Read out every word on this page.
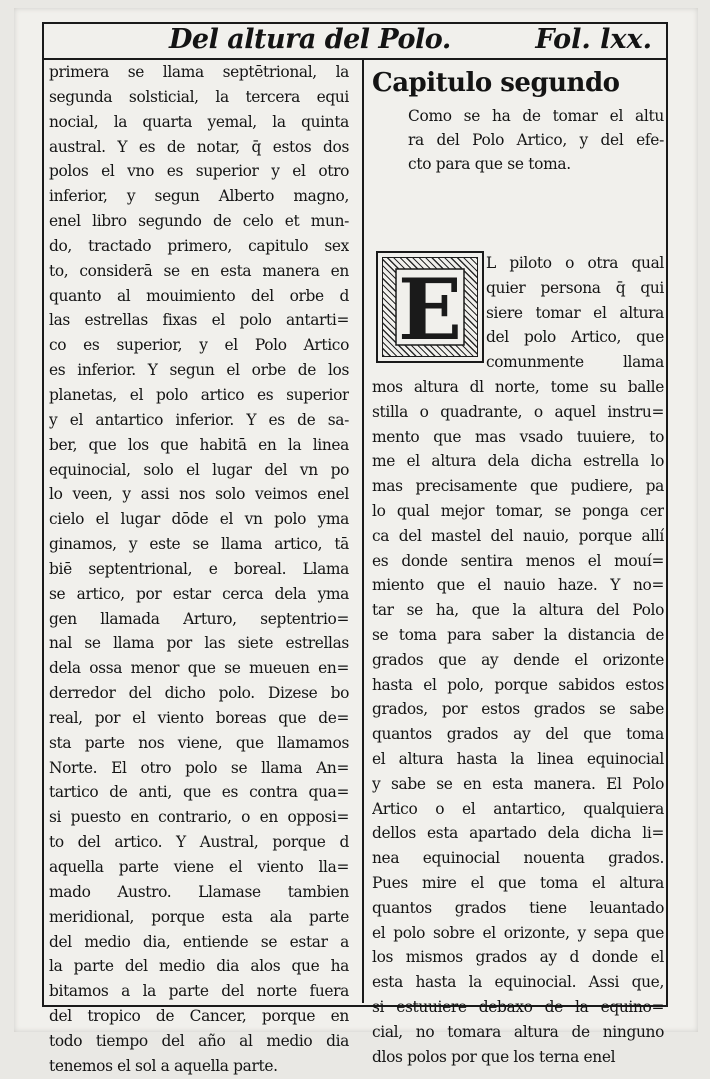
Del altura del Polo.	Fol. lxx.
primera se llama septētrional, la
segunda solsticial, la tercera equi
nocial, la quarta yemal, la quinta
austral. Y es de notar, q̄ estos dos
polos el vno es superior y el otro
inferior, y segun Alberto magno,
enel libro segundo de celo et mun-
do, tractado primero, capitulo sex
to, considerā se en esta manera en
quanto al mouimiento del orbe d
las estrellas fixas el polo antarti=
co es superior, y el Polo Artico
es inferior. Y segun el orbe de los
planetas, el polo artico es superior
y el antartico inferior. Y es de sa-
ber, que los que habitā en la linea
equinocial, solo el lugar del vn po
lo veen, y assi nos solo veimos enel
cielo el lugar dōde el vn polo yma
ginamos, y este se llama artico, tā
biē septentrional, e boreal. Llama
se artico, por estar cerca dela yma
gen llamada Arturo, septentrio=
nal se llama por las siete estrellas
dela ossa menor que se mueuen en=
derredor del dicho polo. Dizese bo
real, por el viento boreas que de=
sta parte nos viene, que llamamos
Norte. El otro polo se llama An=
tartico de anti, que es contra qua=
si puesto en contrario, o en opposi=
to del artico. Y Austral, porque d
aquella parte viene el viento lla=
mado Austro. Llamase tambien
meridional, porque esta ala parte
del medio dia, entiende se estar a
la parte del medio dia alos que ha
bitamos a la parte del norte fuera
del tropico de Cancer, porque en
todo tiempo del año al medio dia
tenemos el sol a aquella parte.
Capitulo segundo
Como se ha de tomar el altu
ra del Polo Artico, y del efe-
cto para que se toma.
E L piloto o otra qual
quier persona q̄ qui
siere tomar el altura
del polo Artico, que
comunmente llama
mos altura dl norte, tome su balle
stilla o quadrante, o aquel instru=
mento que mas vsado tuuiere, to
me el altura dela dicha estrella lo
mas precisamente que pudiere, pa
lo qual mejor tomar, se ponga cer
ca del mastel del nauio, porque allí
es donde sentira menos el mouí=
miento que el nauio haze. Y no=
tar se ha, que la altura del Polo
se toma para saber la distancia de
grados que ay dende el orizonte
hasta el polo, porque sabidos estos
grados, por estos grados se sabe
quantos grados ay del que toma
el altura hasta la linea equinocial
y sabe se en esta manera. El Polo
Artico o el antartico, qualquiera
dellos esta apartado dela dicha li=
nea equinocial nouenta grados.
Pues mire el que toma el altura
quantos grados tiene leuantado
el polo sobre el orizonte, y sepa que
los mismos grados ay d donde el
esta hasta la equinocial. Assi que,
si estuuiere debaxo de la equino=
cial, no tomara altura de ninguno
dlos polos por que los terna enel
